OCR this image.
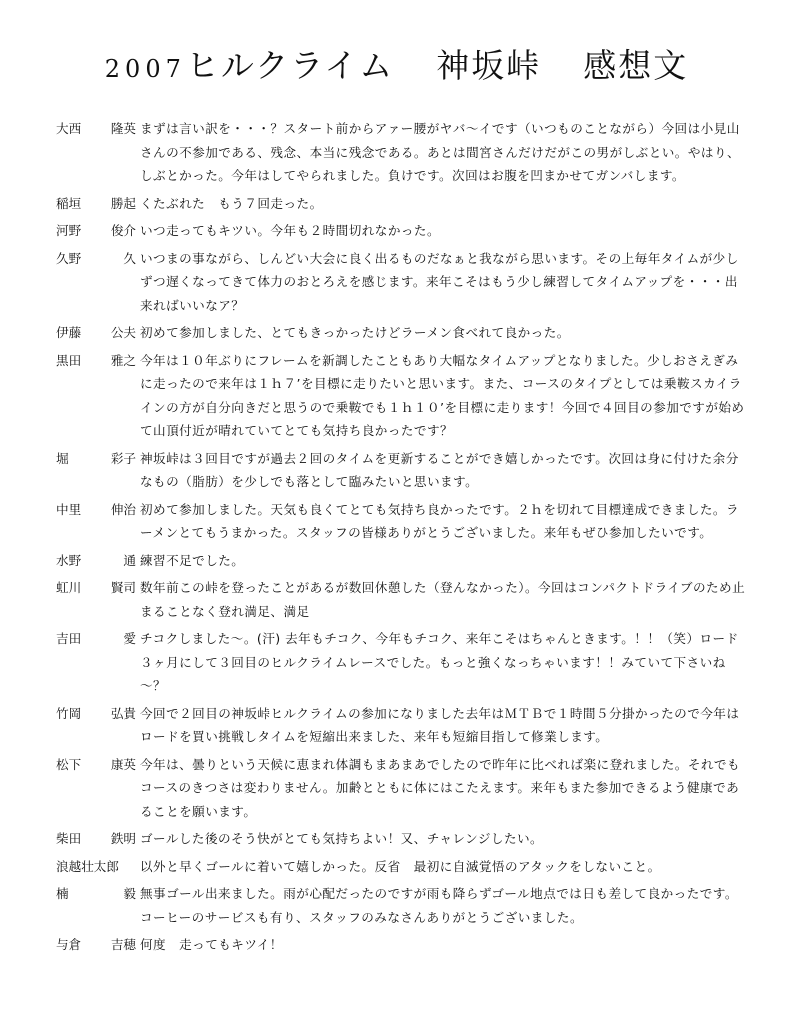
2007ヒルクライム 神坂峠 感想文
大西 隆英 まずは言い訳を・・・？スタート前からアァー腰がヤバ～イです（いつものことながら）今回は小見山さんの不参加である、残念、本当に残念である。あとは間宮さんだけだがこの男がしぶとい。やはり、しぶとかった。今年はしてやられました。負けです。次回はお腹を凹まかせてガンバします。
稲垣 勝起 くたぶれた　もう７回走った。
河野 俊介 いつ走ってもキツい。今年も２時間切れなかった。
久野	久 いつまの事ながら、しんどい大会に良く出るものだなぁと我ながら思います。その上毎年タイムが少しずつ遅くなってきて体力のおとろえを感じます。来年こそはもう少し練習してタイムアップを・・・出来ればいいなア？
伊藤 公夫 初めて参加しました、とてもきっかったけどラーメン食べれて良かった。
黒田 雅之 今年は１０年ぶりにフレームを新調したこともあり大幅なタイムアップとなりました。少しおさえぎみに走ったので来年は１ｈ７’を目標に走りたいと思います。また、コースのタイプとしては乗鞍スカイラインの方が自分向きだと思うので乗鞍でも１ｈ１０’を目標に走ります！今回で４回目の参加ですが始めて山頂付近が晴れていてとても気持ち良かったです？
堀	彩子 神坂峠は３回目ですが過去２回のタイムを更新することができ嬉しかったです。次回は身に付けた余分なもの（脂肪）を少しでも落として臨みたいと思います。
中里 伸治 初めて参加しました。天気も良くてとても気持ち良かったです。２ｈを切れて目標達成できました。ラーメンとてもうまかった。スタッフの皆様ありがとうございました。来年もぜひ参加したいです。
水野	通 練習不足でした。
虹川 賢司 数年前この峠を登ったことがあるが数回休憩した（登んなかった）。今回はコンパクトドライブのため止まることなく登れ満足、満足
吉田	愛 チコクしました～。(汗) 去年もチコク、今年もチコク、来年こそはちゃんときます。！！（笑）ロード３ヶ月にして３回目のヒルクライムレースでした。もっと強くなっちゃいます！！みていて下さいね～？
竹岡 弘貴 今回で２回目の神坂峠ヒルクライムの参加になりました去年はＭＴＢで１時間５分掛かったので今年はロードを買い挑戦しタイムを短縮出来ました、来年も短縮目指して修業します。
松下 康英 今年は、曇りという天候に恵まれ体調もまあまあでしたので昨年に比べれば楽に登れました。それでもコースのきつさは変わりません。加齢とともに体にはこたえます。来年もまた参加できるよう健康であることを願います。
柴田 鉄明 ゴールした後のそう快がとても気持ちよい！又、チャレンジしたい。
浪越壮太郎 以外と早くゴールに着いて嬉しかった。反省　最初に自滅覚悟のアタックをしないこと。
楠	毅 無事ゴール出来ました。雨が心配だったのですが雨も降らずゴール地点では日も差して良かったです。コーヒーのサービスも有り、スタッフのみなさんありがとうございました。
与倉 吉穂 何度　走ってもキツイ！
